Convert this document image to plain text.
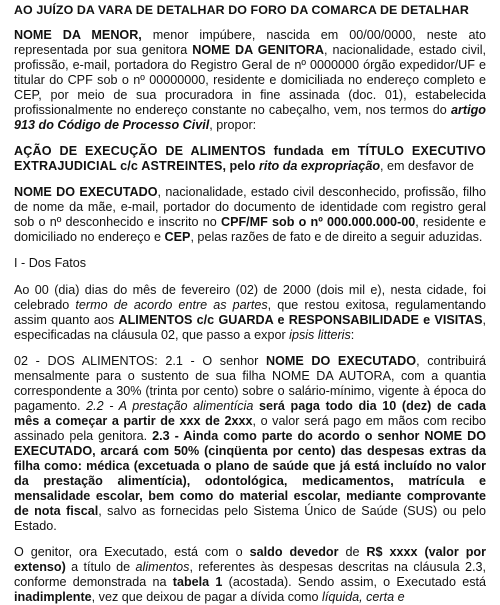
AO JUÍZO DA VARA DE DETALHAR DO FORO DA COMARCA DE DETALHAR

NOME DA MENOR, menor impúbere, nascida em 00/00/0000, neste ato representada por sua genitora NOME DA GENITORA, nacionalidade, estado civil, profissão, e-mail, portadora do Registro Geral de nº 0000000 órgão expedidor/UF e titular do CPF sob o nº 00000000, residente e domiciliada no endereço completo e CEP, por meio de sua procuradora in fine assinada (doc. 01), estabelecida profissionalmente no endereço constante no cabeçalho, vem, nos termos do artigo 913 do Código de Processo Civil, propor:

AÇÃO DE EXECUÇÃO DE ALIMENTOS fundada em TÍTULO EXECUTIVO EXTRAJUDICIAL c/c ASTREINTES, pelo rito da expropriação, em desfavor de

NOME DO EXECUTADO, nacionalidade, estado civil desconhecido, profissão, filho de nome da mãe, e-mail, portador do documento de identidade com registro geral sob o nº desconhecido e inscrito no CPF/MF sob o nº 000.000.000-00, residente e domiciliado no endereço e CEP, pelas razões de fato e de direito a seguir aduzidas.

I - Dos Fatos

Ao 00 (dia) dias do mês de fevereiro (02) de 2000 (dois mil e), nesta cidade, foi celebrado termo de acordo entre as partes, que restou exitosa, regulamentando assim quanto aos ALIMENTOS c/c GUARDA e RESPONSABILIDADE e VISITAS, especificadas na cláusula 02, que passo a expor ipsis litteris:

02 - DOS ALIMENTOS: 2.1 - O senhor NOME DO EXECUTADO, contribuirá mensalmente para o sustento de sua filha NOME DA AUTORA, com a quantia correspondente a 30% (trinta por cento) sobre o salário-mínimo, vigente à época do pagamento. 2.2 - A prestação alimentícia será paga todo dia 10 (dez) de cada mês a começar a partir de xxx de 2xxx, o valor será pago em mãos com recibo assinado pela genitora. 2.3 - Ainda como parte do acordo o senhor NOME DO EXECUTADO, arcará com 50% (cinqüenta por cento) das despesas extras da filha como: médica (excetuada o plano de saúde que já está incluído no valor da prestação alimentícia), odontológica, medicamentos, matrícula e mensalidade escolar, bem como do material escolar, mediante comprovante de nota fiscal, salvo as fornecidas pelo Sistema Único de Saúde (SUS) ou pelo Estado.

O genitor, ora Executado, está com o saldo devedor de R$ xxxx (valor por extenso) a título de alimentos, referentes às despesas descritas na cláusula 2.3, conforme demonstrada na tabela 1 (acostada). Sendo assim, o Executado está inadimplente, vez que deixou de pagar a dívida como líquida, certa e
